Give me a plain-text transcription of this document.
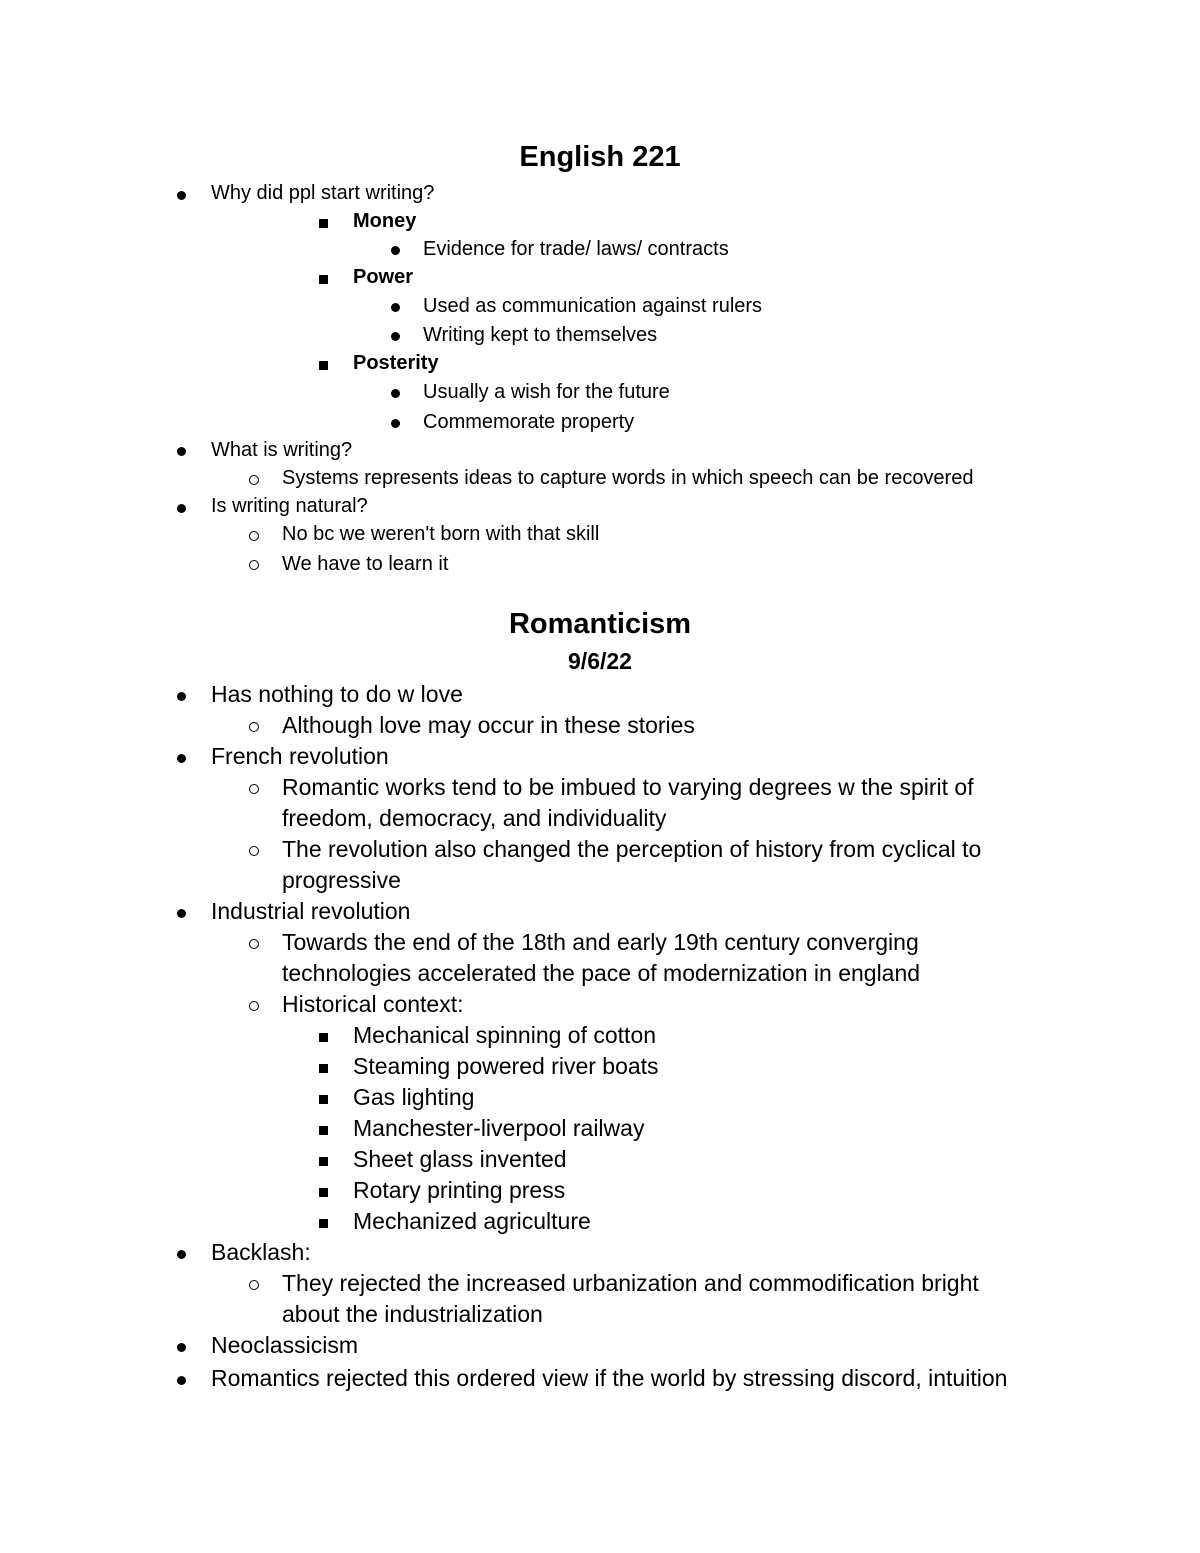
English 221
Why did ppl start writing?
Money
Evidence for trade/ laws/ contracts
Power
Used as communication against rulers
Writing kept to themselves
Posterity
Usually a wish for the future
Commemorate property
What is writing?
Systems represents ideas to capture words in which speech can be recovered
Is writing natural?
No bc we weren't born with that skill
We have to learn it
Romanticism
9/6/22
Has nothing to do w love
Although love may occur in these stories
French revolution
Romantic works tend to be imbued to varying degrees w the spirit of
freedom, democracy, and individuality
The revolution also changed the perception of history from cyclical to
progressive
Industrial revolution
Towards the end of the 18th and early 19th century converging
technologies accelerated the pace of modernization in england
Historical context:
Mechanical spinning of cotton
Steaming powered river boats
Gas lighting
Manchester-liverpool railway
Sheet glass invented
Rotary printing press
Mechanized agriculture
Backlash:
They rejected the increased urbanization and commodification bright
about the industrialization
Neoclassicism
Romantics rejected this ordered view if the world by stressing discord, intuition
